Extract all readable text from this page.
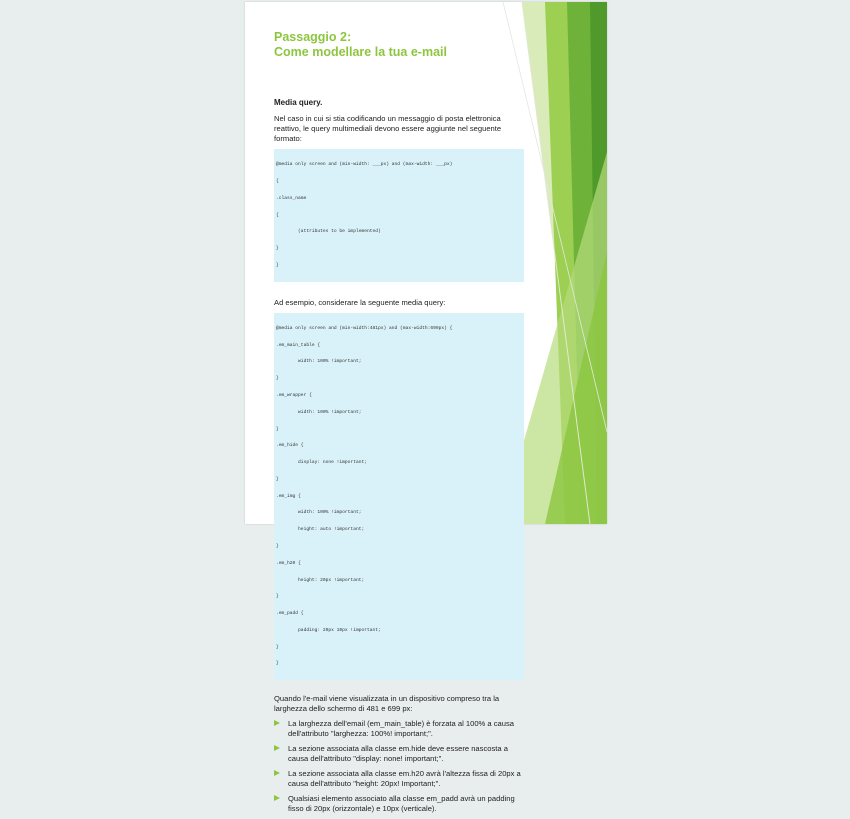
Passaggio 2:
Come modellare la tua e-mail
Media query.
Nel caso in cui si stia codificando un messaggio di posta elettronica reattivo, le query multimediali devono essere aggiunte nel seguente formato:

@media only screen and (min-width: ___px) and (max-width: ___px)

{

.class_name

{

(attributes to be implemented)

}

}

Ad esempio, considerare la seguente media query:

@media only screen and (min-width:481px) and (max-width:699px) {

.em_main_table {

width: 100% !important;

}

.em_wrapper {

width: 100% !important;

}

.em_hide {

display: none !important;

}

.em_img {

width: 100% !important;

height: auto !important;

}

.em_h20 {

height: 20px !important;

}

.em_padd {

padding: 20px 10px !important;

}

}

Quando l'e-mail viene visualizzata in un dispositivo compreso tra la larghezza dello schermo di 481 e 699 px:
La larghezza dell'email (em_main_table) è forzata al 100% a causa dell'attributo "larghezza: 100%! important;".
La sezione associata alla classe em.hide deve essere nascosta a causa dell'attributo "display: none! important;".
La sezione associata alla classe em.h20 avrà l'altezza fissa di 20px a causa dell'attributo "height: 20px! Important;".
Qualsiasi elemento associato alla classe em_padd avrà un padding fisso di 20px (orizzontale) e 10px (verticale).
